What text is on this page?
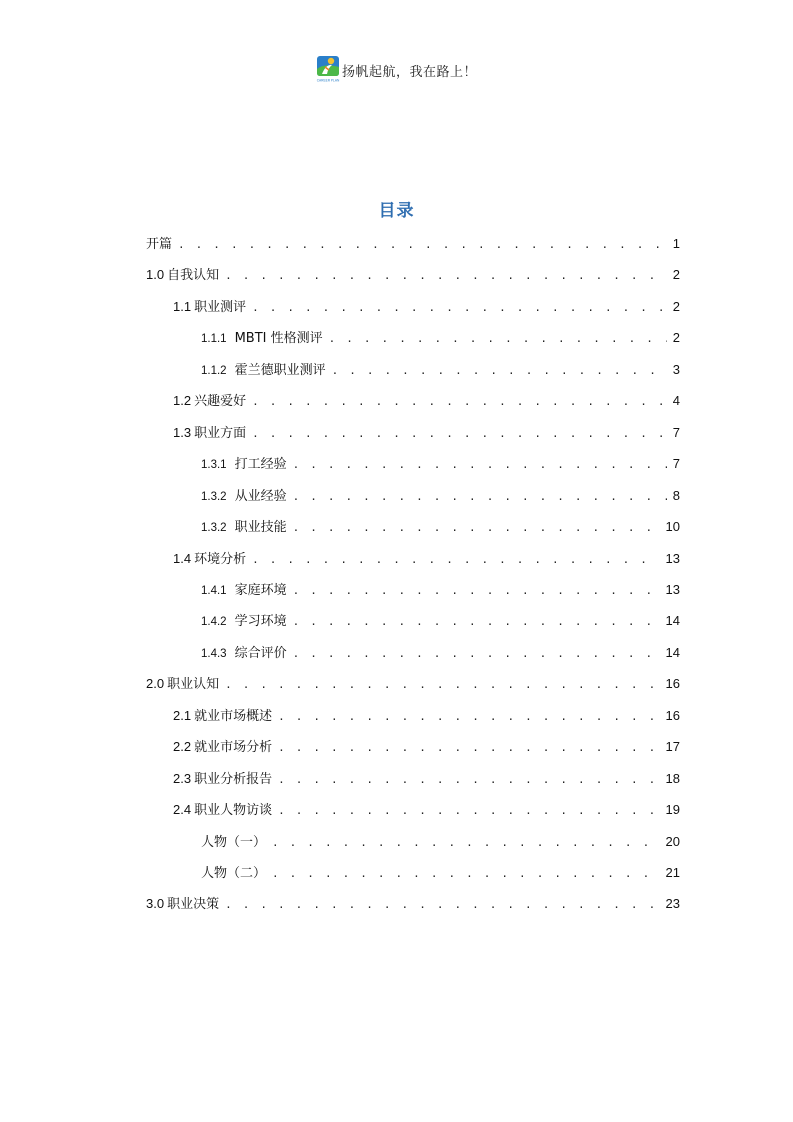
CAREER PLAN
扬帆起航，我在路上！
目录
开篇 . . .	1
1.0 自我认知 . . .	2
1.1 职业测评 . . .	2
1.1.1 MBTI 性格测评 . . .	2
1.1.2 霍兰德职业测评 . . .	3
1.2 兴趣爱好 . . .	4
1.3 职业方面 . . .	7
1.3.1 打工经验 . . .	7
1.3.2 从业经验 . . .	8
1.3.2 职业技能 . . .	10
1.4 环境分析 . . .	13
1.4.1 家庭环境 . . .	13
1.4.2 学习环境 . . .	14
1.4.3 综合评价 . . .	14
2.0 职业认知 . . .	16
2.1 就业市场概述 . . .	16
2.2 就业市场分析 . . .	17
2.3 职业分析报告 . . .	18
2.4 职业人物访谈 . . .	19
人物（一） . . .	20
人物（二） . . .	21
3.0 职业决策 . . .	23
